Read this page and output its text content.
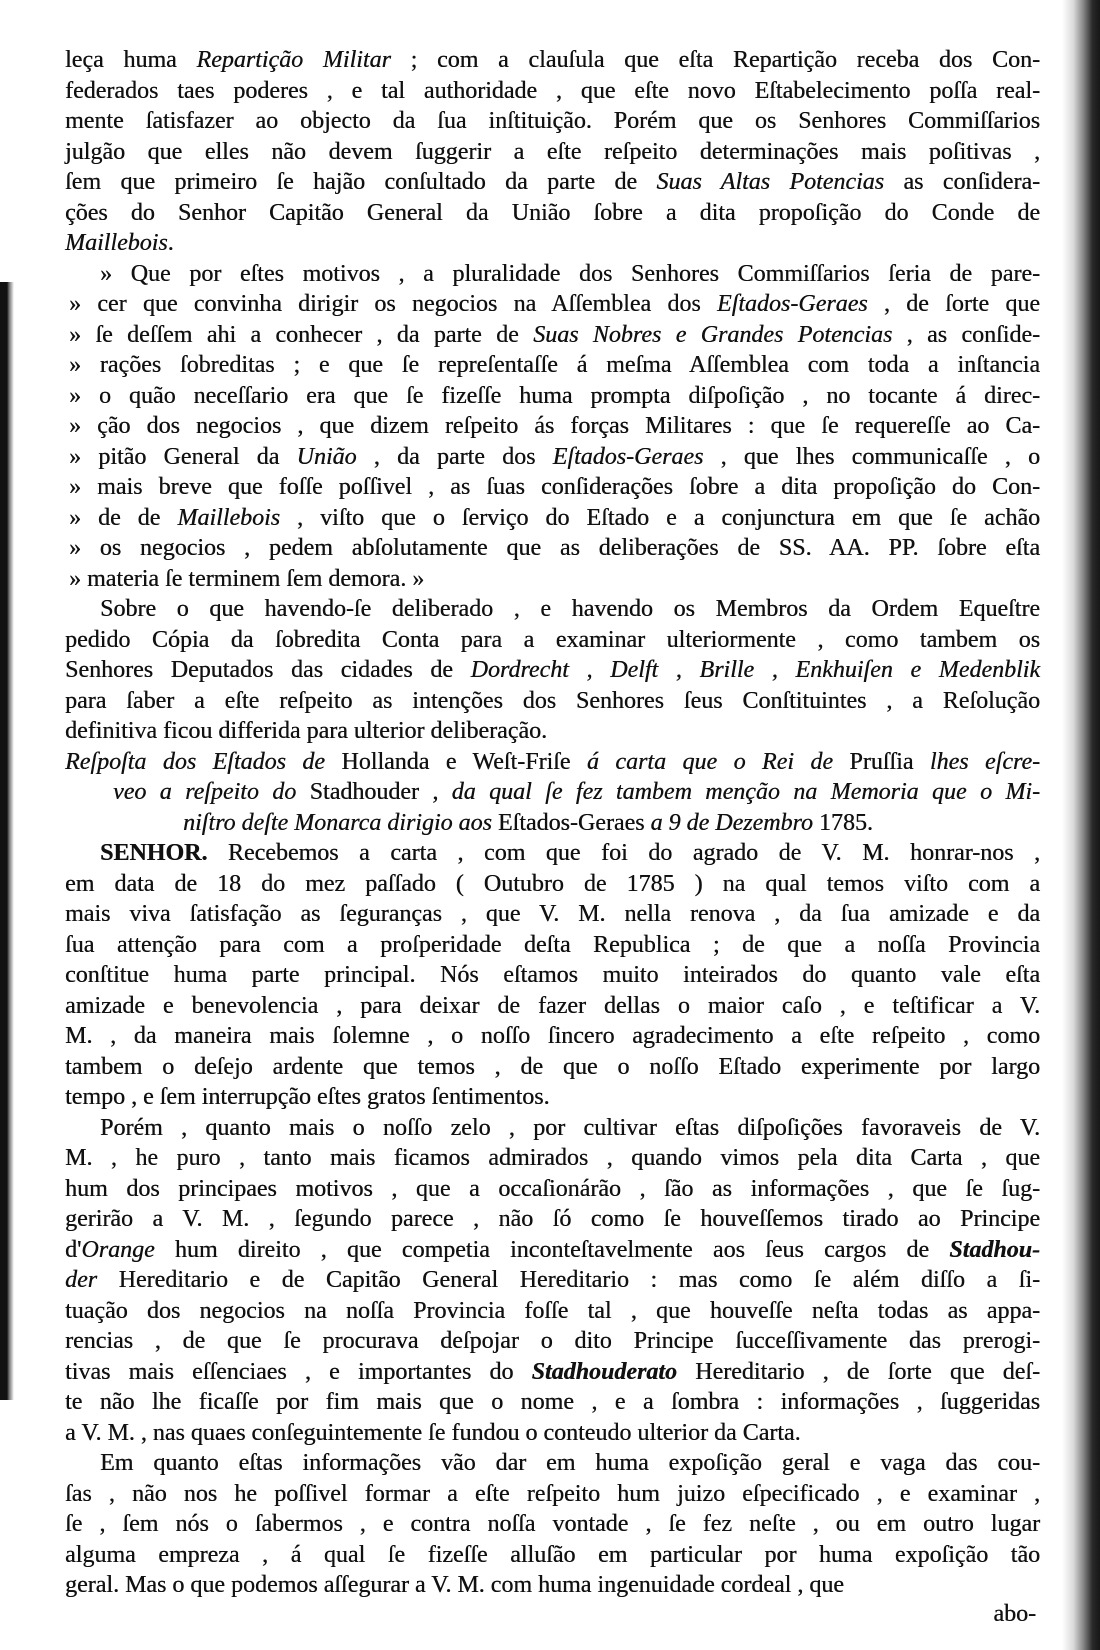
leça huma Repartição Militar ; com a clauſula que eſta Repartição receba dos Con-
federados taes poderes , e tal authoridade , que eſte novo Eſtabelecimento poſſa real-
mente ſatisfazer ao objecto da ſua inſtituição. Porém que os Senhores Commiſſarios
julgão que elles não devem ſuggerir a eſte reſpeito determinações mais poſitivas ,
ſem que primeiro ſe hajão conſultado da parte de Suas Altas Potencias as conſidera-
ções do Senhor Capitão General da União ſobre a dita propoſição do Conde de
Maillebois.
» Que por eſtes motivos , a pluralidade dos Senhores Commiſſarios ſeria de pare-
» cer que convinha dirigir os negocios na Aſſemblea dos Eſtados-Geraes , de ſorte que
» ſe deſſem ahi a conhecer , da parte de Suas Nobres e Grandes Potencias , as conſide-
» rações ſobreditas ; e que ſe repreſentaſſe á meſma Aſſemblea com toda a inſtancia
» o quão neceſſario era que ſe fizeſſe huma prompta diſpoſição , no tocante á direc-
» ção dos negocios , que dizem reſpeito ás forças Militares : que ſe requereſſe ao Ca-
» pitão General da União , da parte dos Eſtados-Geraes , que lhes communicaſſe , o
» mais breve que foſſe poſſivel , as ſuas conſiderações ſobre a dita propoſição do Con-
» de de Maillebois , viſto que o ſerviço do Eſtado e a conjunctura em que ſe achão
» os negocios , pedem abſolutamente que as deliberações de SS. AA. PP. ſobre eſta
» materia ſe terminem ſem demora. »
Sobre o que havendo-ſe deliberado , e havendo os Membros da Ordem Equeſtre
pedido Cópia da ſobredita Conta para a examinar ulteriormente , como tambem os
Senhores Deputados das cidades de Dordrecht , Delft , Brille , Enkhuiſen e Medenblik
para ſaber a eſte reſpeito as intenções dos Senhores ſeus Conſtituintes , a Reſolução
definitiva ficou differida para ulterior deliberação.
Reſpoſta dos Eſtados de Hollanda e Weſt-Friſe á carta que o Rei de Pruſſia lhes eſcre-
veo a reſpeito do Stadhouder , da qual ſe fez tambem menção na Memoria que o Mi-
niſtro deſte Monarca dirigio aos Eſtados-Geraes a 9 de Dezembro 1785.
SENHOR. Recebemos a carta , com que foi do agrado de V. M. honrar-nos ,
em data de 18 do mez paſſado ( Outubro de 1785 ) na qual temos viſto com a
mais viva ſatisfação as ſeguranças , que V. M. nella renova , da ſua amizade e da
ſua attenção para com a proſperidade deſta Republica ; de que a noſſa Provincia
conſtitue huma parte principal. Nós eſtamos muito inteirados do quanto vale eſta
amizade e benevolencia , para deixar de fazer dellas o maior caſo , e teſtificar a V.
M. , da maneira mais ſolemne , o noſſo ſincero agradecimento a eſte reſpeito , como
tambem o deſejo ardente que temos , de que o noſſo Eſtado experimente por largo
tempo , e ſem interrupção eſtes gratos ſentimentos.
Porém , quanto mais o noſſo zelo , por cultivar eſtas diſpoſições favoraveis de V.
M. , he puro , tanto mais ficamos admirados , quando vimos pela dita Carta , que
hum dos principaes motivos , que a occaſionárão , ſão as informações , que ſe ſug-
gerirão a V. M. , ſegundo parece , não ſó como ſe houveſſemos tirado ao Principe
d'Orange hum direito , que competia inconteſtavelmente aos ſeus cargos de Stadhou-
der Hereditario e de Capitão General Hereditario : mas como ſe além diſſo a ſi-
tuação dos negocios na noſſa Provincia foſſe tal , que houveſſe neſta todas as appa-
rencias , de que ſe procurava deſpojar o dito Principe ſucceſſivamente das prerogi-
tivas mais eſſenciaes , e importantes do Stadhouderato Hereditario , de ſorte que deſ-
te não lhe ficaſſe por fim mais que o nome , e a ſombra : informações , ſuggeridas
a V. M. , nas quaes conſeguintemente ſe fundou o conteudo ulterior da Carta.
Em quanto eſtas informações vão dar em huma expoſição geral e vaga das cou-
ſas , não nos he poſſivel formar a eſte reſpeito hum juizo eſpecificado , e examinar ,
ſe , ſem nós o ſabermos , e contra noſſa vontade , ſe fez neſte , ou em outro lugar
alguma empreza , á qual ſe fizeſſe alluſão em particular por huma expoſição tão
geral. Mas o que podemos aſſegurar a V. M. com huma ingenuidade cordeal , que
abo-
